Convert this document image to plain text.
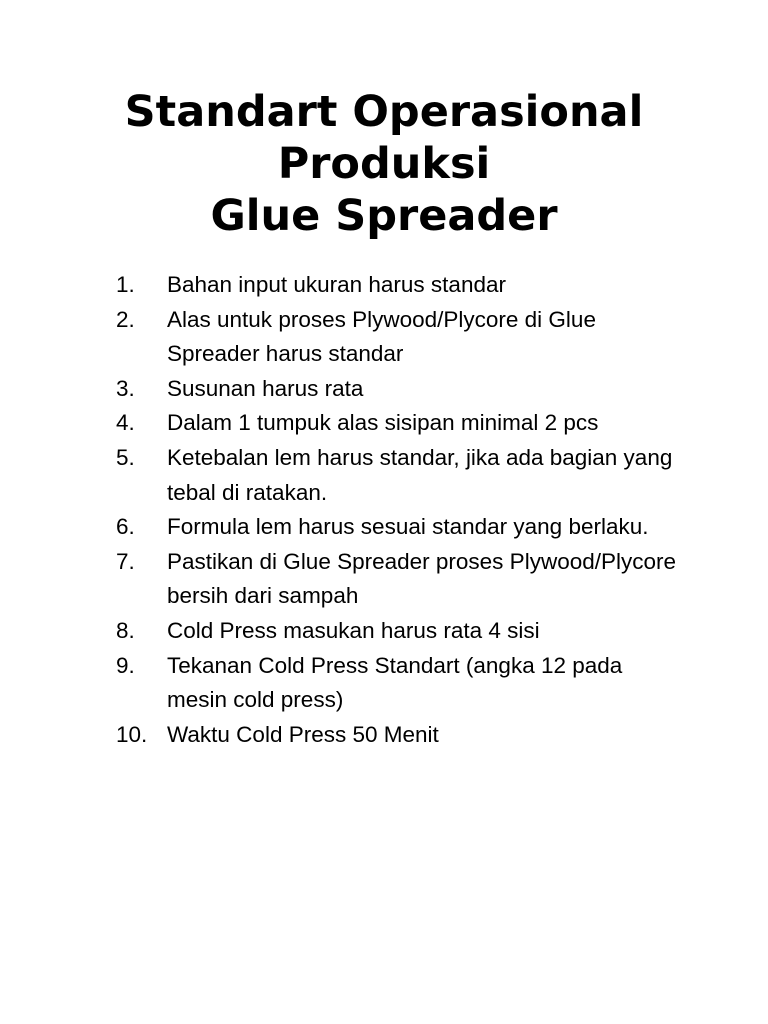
Standart Operasional
Produksi
Glue Spreader
1. Bahan input ukuran harus standar
2. Alas untuk proses Plywood/Plycore di Glue Spreader harus standar
3. Susunan harus rata
4. Dalam 1 tumpuk alas sisipan minimal 2 pcs
5. Ketebalan lem harus standar, jika ada bagian yang tebal di ratakan.
6. Formula lem harus sesuai standar yang berlaku.
7. Pastikan di Glue Spreader proses Plywood/Plycore bersih dari sampah
8. Cold Press masukan harus rata 4 sisi
9. Tekanan Cold Press Standart (angka 12 pada mesin cold press)
10. Waktu Cold Press 50 Menit
